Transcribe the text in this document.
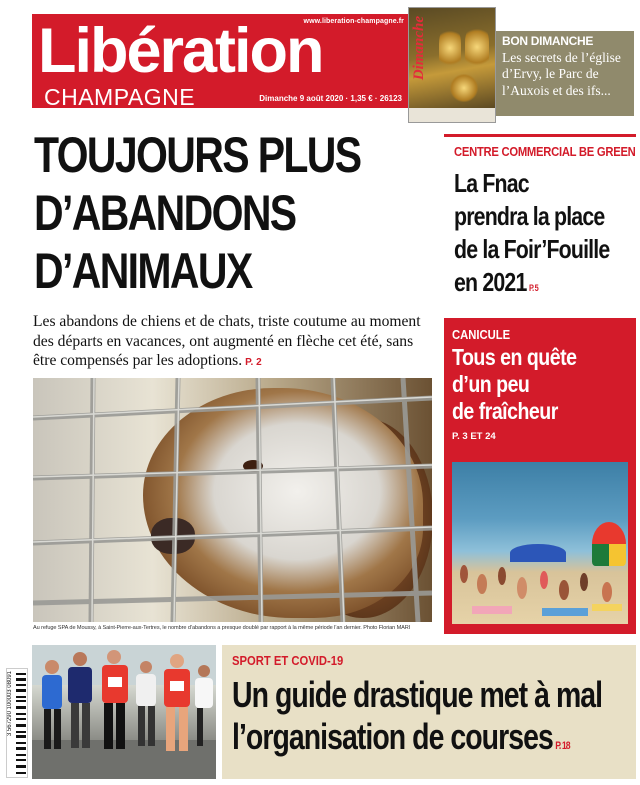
www.liberation-champagne.fr
Libération
CHAMPAGNE	Dimanche 9 août 2020 · 1,35 € · 26123
Dimanche	BON DIMANCHE
Les secrets de l’église d’Ervy, le Parc de l’Auxois et des ifs...
TOUJOURS PLUS
D’ABANDONS
D’ANIMAUX
Les abandons de chiens et de chats, triste coutume au moment des départs en vacances, ont augmenté en flèche cet été, sans être compensés par les adoptions. P. 2
Au refuge SPA de Moussy, à Saint-Pierre-aux-Tertres, le nombre d’abandons a presque doublé par rapport à la même période l’an dernier. Photo Florian MARI
CENTRE COMMERCIAL BE GREEN
La Fnac
prendra la place
de la Foir’Fouille
en 2021 P. 5
CANICULE
Tous en quête
d’un peu
de fraîcheur
P. 3 ET 24
3 567290 100003 08091
SPORT ET COVID-19
Un guide drastique met à mal
l’organisation de courses P. 18
